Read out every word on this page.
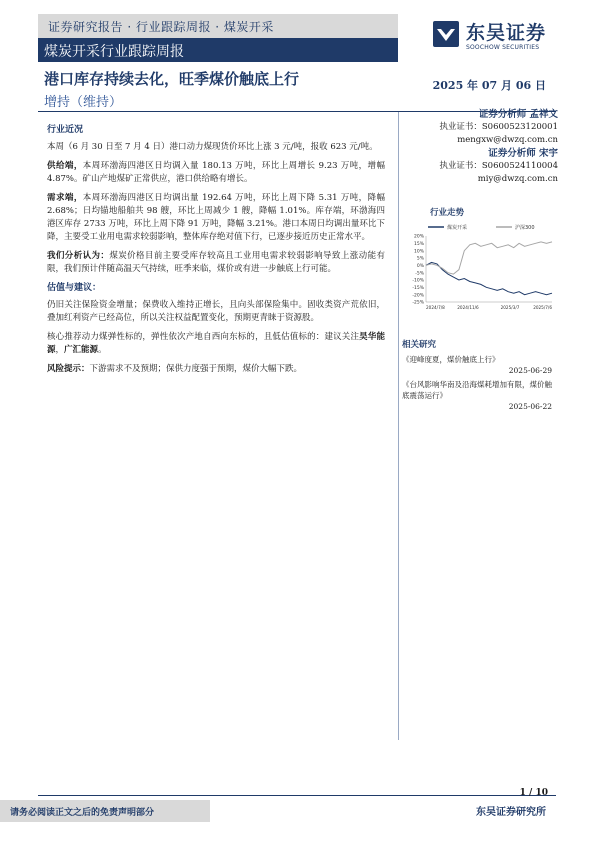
证券研究报告 · 行业跟踪周报 · 煤炭开采
煤炭开采行业跟踪周报
东吴证券
SOOCHOW SECURITIES
港口库存持续去化，旺季煤价触底上行
增持（维持）
2025 年 07 月 06 日
行业近况

本周（6 月 30 日至 7 月 4 日）港口动力煤现货价环比上涨 3 元/吨，报收 623 元/吨。

供给端，本周环渤海四港区日均调入量 180.13 万吨，环比上周增长 9.23 万吨，增幅 4.87%。矿山产地煤矿正常供应，港口供给略有增长。

需求端，本周环渤海四港区日均调出量 192.64 万吨，环比上周下降 5.31 万吨，降幅 2.68%；日均锚地船舶共 98 艘，环比上周减少 1 艘，降幅 1.01%。库存端，环渤海四港区库存 2733 万吨，环比上周下降 91 万吨，降幅 3.21%。港口本周日均调出量环比下降，主要受工业用电需求较弱影响，整体库存绝对值下行，已逐步接近历史正常水平。

我们分析认为：煤炭价格目前主要受库存较高且工业用电需求较弱影响导致上涨动能有限，我们预计伴随高温天气持续，旺季来临，煤价或有进一步触底上行可能。

估值与建议：

仍旧关注保险资金增量；保费收入维持正增长，且向头部保险集中。固收类资产荒依旧，叠加红利资产已经高位，所以关注权益配置变化，预期更青睐于资源股。

核心推荐动力煤弹性标的，弹性依次产地自西向东标的，且低估值标的：建议关注昊华能源，广汇能源。

风险提示：下游需求不及预期；保供力度强于预期，煤价大幅下跌。

证券分析师 孟祥文
执业证书：S0600523120001
mengxw@dwzq.com.cn
证券分析师 宋宇
执业证书：S0600524110004
miy@dwzq.com.cn
行业走势
煤炭开采	沪深300
20%
15%
10%
5%
0%
-5%
-10%
-15%
-20%
-25%
2024/7/8	2024/11/6	2025/3/7	2025/7/6
相关研究
《迎峰度夏，煤价触底上行》
2025-06-29
《台风影响华南及沿海煤耗增加有限，煤价触底震荡运行》
2025-06-22
1 / 10
请务必阅读正文之后的免责声明部分	东吴证券研究所
